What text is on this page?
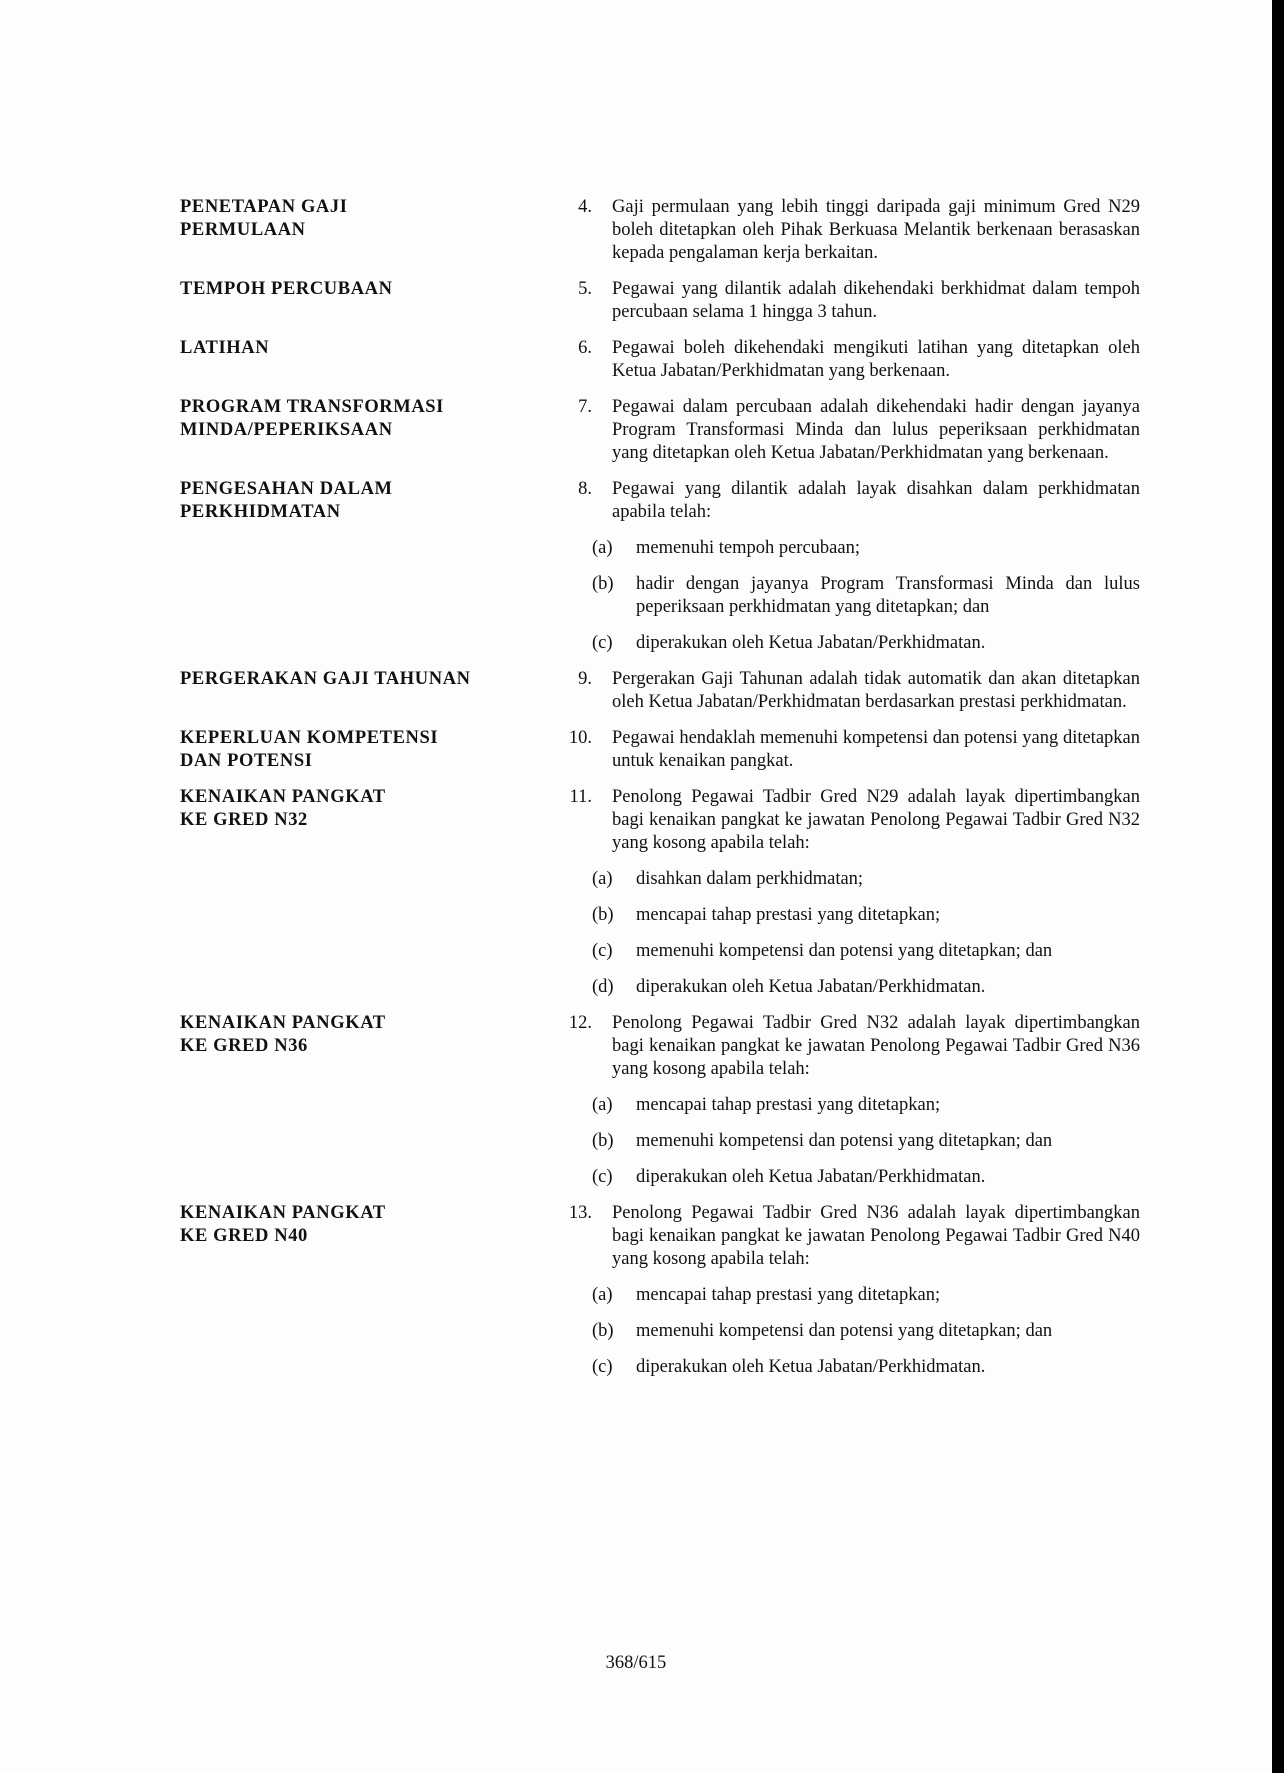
PENETAPAN GAJI
PERMULAAN
4.	Gaji permulaan yang lebih tinggi daripada gaji minimum Gred N29 boleh ditetapkan oleh Pihak Berkuasa Melantik berkenaan berasaskan kepada pengalaman kerja berkaitan.
TEMPOH PERCUBAAN	5.	Pegawai yang dilantik adalah dikehendaki berkhidmat dalam tempoh percubaan selama 1 hingga 3 tahun.
LATIHAN	6.	Pegawai boleh dikehendaki mengikuti latihan yang ditetapkan oleh Ketua Jabatan/Perkhidmatan yang berkenaan.
PROGRAM TRANSFORMASI
MINDA/PEPERIKSAAN
7.	Pegawai dalam percubaan adalah dikehendaki hadir dengan jayanya Program Transformasi Minda dan lulus peperiksaan perkhidmatan yang ditetapkan oleh Ketua Jabatan/Perkhidmatan yang berkenaan.
PENGESAHAN DALAM
PERKHIDMATAN
8.	Pegawai yang dilantik adalah layak disahkan dalam perkhidmatan apabila telah:
(a)	memenuhi tempoh percubaan;
(b)	hadir dengan jayanya Program Transformasi Minda dan lulus peperiksaan perkhidmatan yang ditetapkan; dan
(c)	diperakukan oleh Ketua Jabatan/Perkhidmatan.
PERGERAKAN GAJI TAHUNAN	9.	Pergerakan Gaji Tahunan adalah tidak automatik dan akan ditetapkan oleh Ketua Jabatan/Perkhidmatan berdasarkan prestasi perkhidmatan.
KEPERLUAN KOMPETENSI
DAN POTENSI
10.	Pegawai hendaklah memenuhi kompetensi dan potensi yang ditetapkan untuk kenaikan pangkat.
KENAIKAN PANGKAT
KE GRED N32
11.	Penolong Pegawai Tadbir Gred N29 adalah layak dipertimbangkan bagi kenaikan pangkat ke jawatan Penolong Pegawai Tadbir Gred N32 yang kosong apabila telah:
(a)	disahkan dalam perkhidmatan;
(b)	mencapai tahap prestasi yang ditetapkan;
(c)	memenuhi kompetensi dan potensi yang ditetapkan; dan
(d)	diperakukan oleh Ketua Jabatan/Perkhidmatan.
KENAIKAN PANGKAT
KE GRED N36
12.	Penolong Pegawai Tadbir Gred N32 adalah layak dipertimbangkan bagi kenaikan pangkat ke jawatan Penolong Pegawai Tadbir Gred N36 yang kosong apabila telah:
(a)	mencapai tahap prestasi yang ditetapkan;
(b)	memenuhi kompetensi dan potensi yang ditetapkan; dan
(c)	diperakukan oleh Ketua Jabatan/Perkhidmatan.
KENAIKAN PANGKAT
KE GRED N40
13.	Penolong Pegawai Tadbir Gred N36 adalah layak dipertimbangkan bagi kenaikan pangkat ke jawatan Penolong Pegawai Tadbir Gred N40 yang kosong apabila telah:
(a)	mencapai tahap prestasi yang ditetapkan;
(b)	memenuhi kompetensi dan potensi yang ditetapkan; dan
(c)	diperakukan oleh Ketua Jabatan/Perkhidmatan.
368/615
